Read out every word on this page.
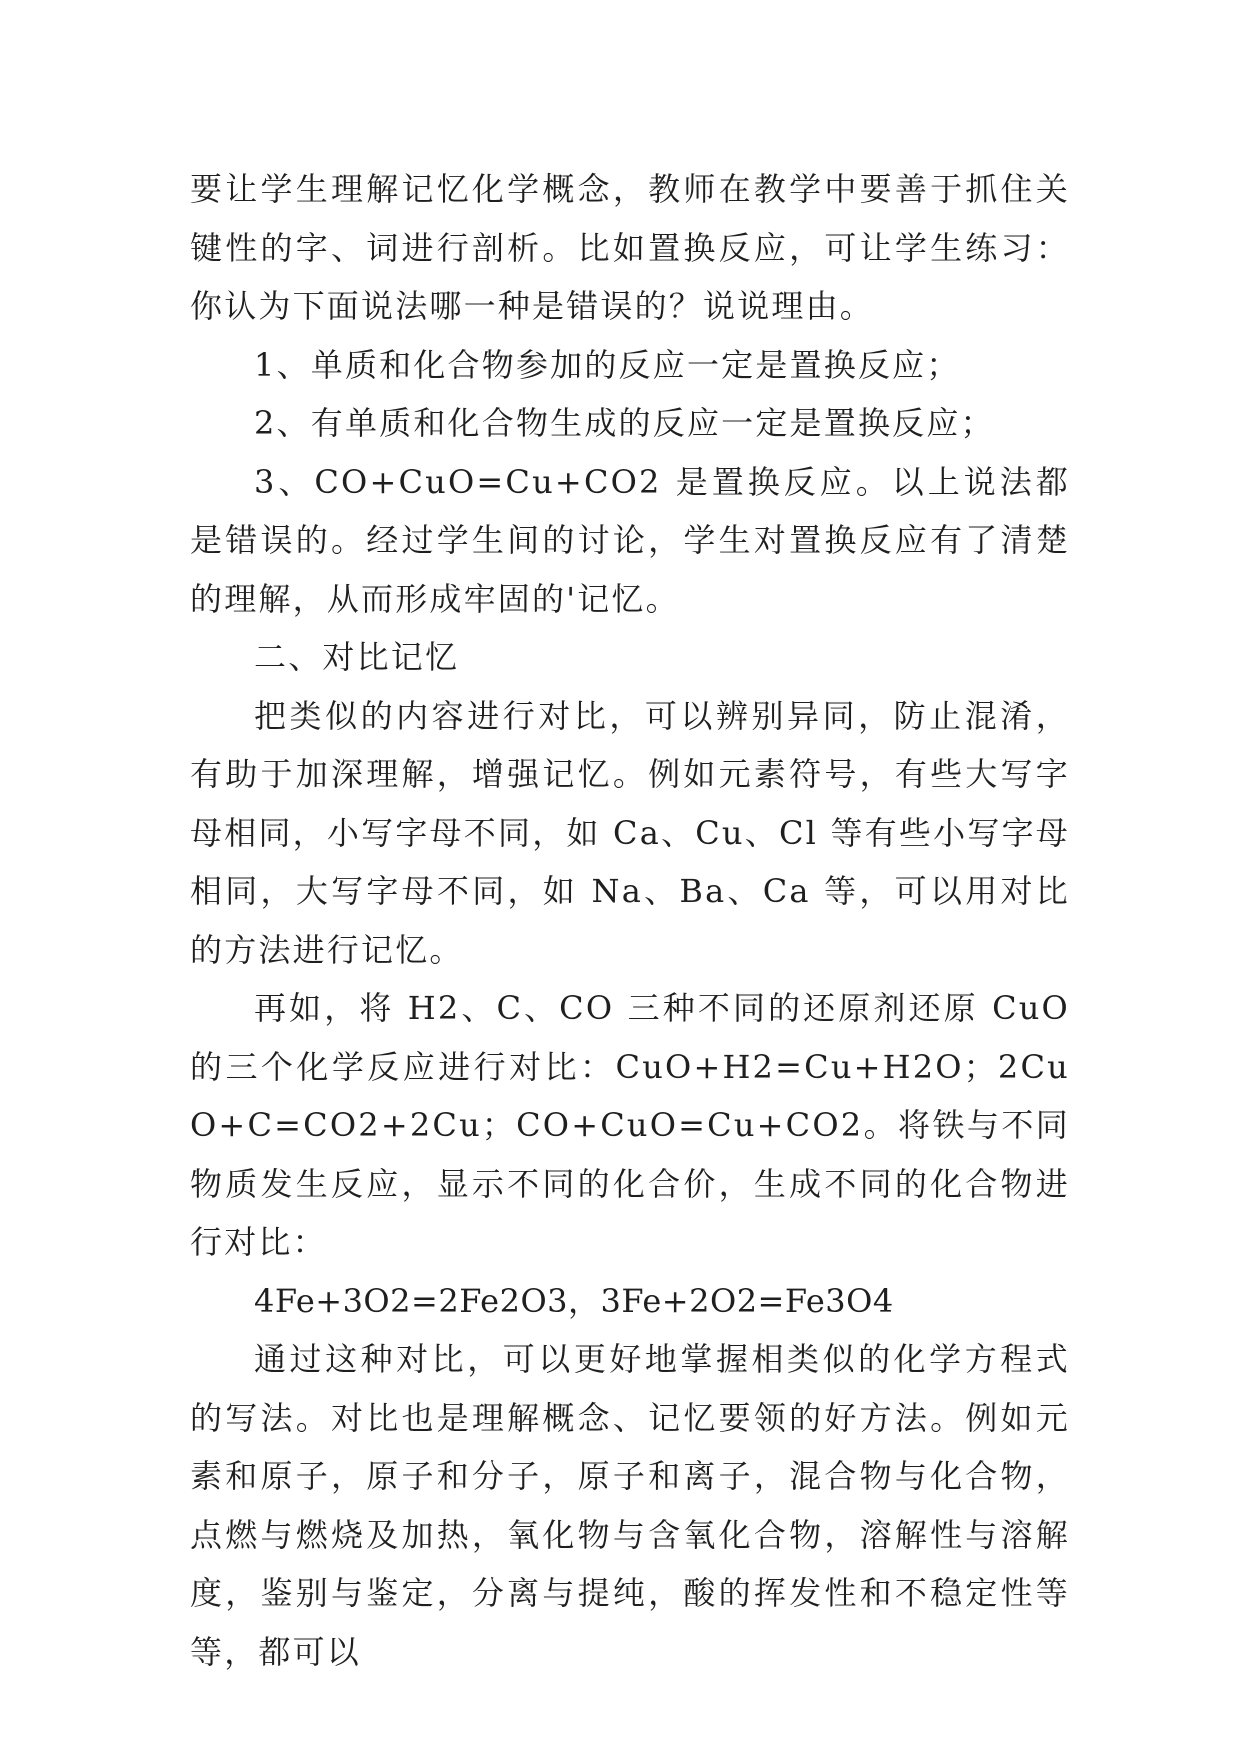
要让学生理解记忆化学概念，教师在教学中要善于抓住关键性的字、词进行剖析。比如置换反应，可让学生练习：你认为下面说法哪一种是错误的？说说理由。

1、单质和化合物参加的反应一定是置换反应；

2、有单质和化合物生成的反应一定是置换反应；

3、CO+CuO=Cu+CO2 是置换反应。以上说法都是错误的。经过学生间的讨论，学生对置换反应有了清楚的理解，从而形成牢固的'记忆。

二、对比记忆

把类似的内容进行对比，可以辨别异同，防止混淆，有助于加深理解，增强记忆。例如元素符号，有些大写字母相同，小写字母不同，如 Ca、Cu、Cl 等有些小写字母相同，大写字母不同，如 Na、Ba、Ca 等，可以用对比的方法进行记忆。

再如，将 H2、C、CO 三种不同的还原剂还原 CuO 的三个化学反应进行对比：CuO+H2=Cu+H2O；2CuO+C=CO2+2Cu；CO+CuO=Cu+CO2。将铁与不同物质发生反应，显示不同的化合价，生成不同的化合物进行对比：

4Fe+3O2=2Fe2O3，3Fe+2O2=Fe3O4

通过这种对比，可以更好地掌握相类似的化学方程式的写法。对比也是理解概念、记忆要领的好方法。例如元素和原子，原子和分子，原子和离子，混合物与化合物，点燃与燃烧及加热，氧化物与含氧化合物，溶解性与溶解度，鉴别与鉴定，分离与提纯，酸的挥发性和不稳定性等等，都可以
